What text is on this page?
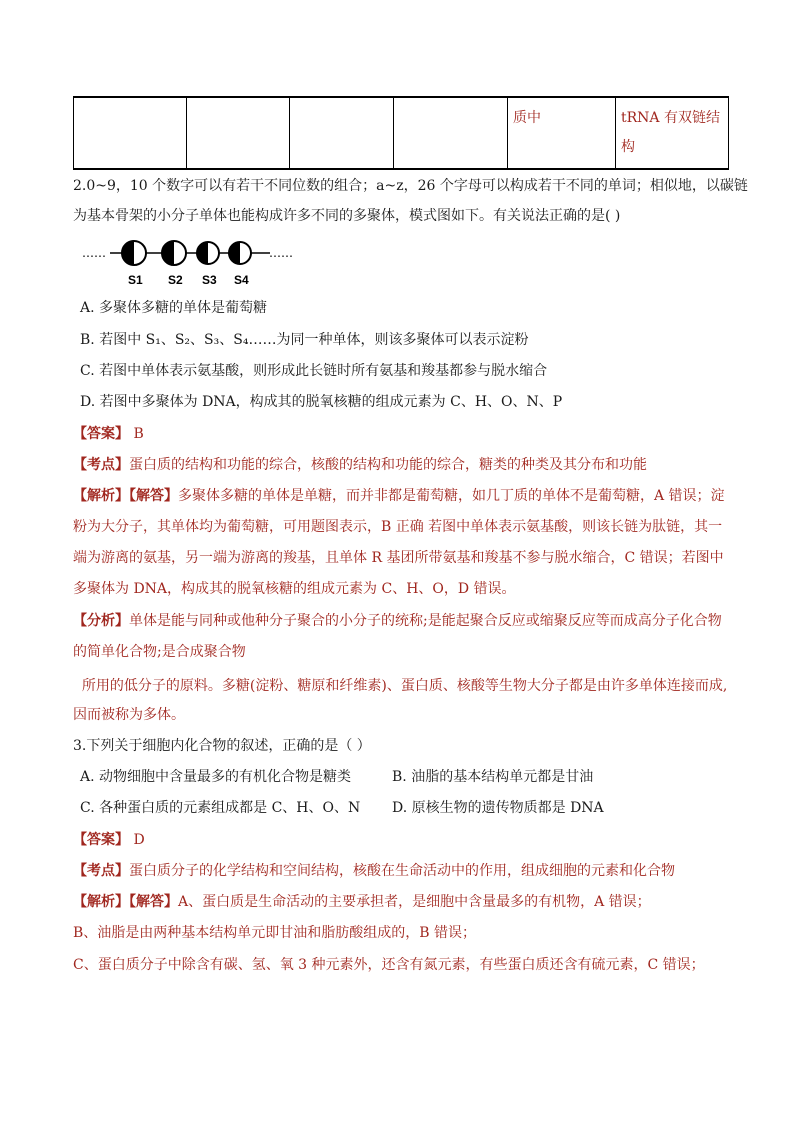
				质中	tRNA 有双链结构
2.0~9，10 个数字可以有若干不同位数的组合；a~z，26 个字母可以构成若干不同的单词；相似地，以碳链
为基本骨架的小分子单体也能构成许多不同的多聚体，模式图如下。有关说法正确的是( )
……	……
S1 S2 S3 S4
A. 多聚体多糖的单体是葡萄糖
B. 若图中 S₁、S₂、S₃、S₄……为同一种单体，则该多聚体可以表示淀粉
C. 若图中单体表示氨基酸，则形成此长链时所有氨基和羧基都参与脱水缩合
D. 若图中多聚体为 DNA，构成其的脱氧核糖的组成元素为 C、H、O、N、P
【答案】 B
【考点】蛋白质的结构和功能的综合，核酸的结构和功能的综合，糖类的种类及其分布和功能
【解析】【解答】多聚体多糖的单体是单糖，而并非都是葡萄糖，如几丁质的单体不是葡萄糖，A 错误；淀
粉为大分子，其单体均为葡萄糖，可用题图表示，B 正确 若图中单体表示氨基酸，则该长链为肽链，其一
端为游离的氨基，另一端为游离的羧基，且单体 R 基团所带氨基和羧基不参与脱水缩合，C 错误；若图中
多聚体为 DNA，构成其的脱氧核糖的组成元素为 C、H、O，D 错误。
【分析】单体是能与同种或他种分子聚合的小分子的统称;是能起聚合反应或缩聚反应等而成高分子化合物
的简单化合物;是合成聚合物
所用的低分子的原料。多糖(淀粉、糖原和纤维素)、蛋白质、核酸等生物大分子都是由许多单体连接而成,
因而被称为多体。
3.下列关于细胞内化合物的叙述，正确的是（ ）
A. 动物细胞中含量最多的有机化合物是糖类	B. 油脂的基本结构单元都是甘油
C. 各种蛋白质的元素组成都是 C、H、O、N D. 原核生物的遗传物质都是 DNA
【答案】 D
【考点】蛋白质分子的化学结构和空间结构，核酸在生命活动中的作用，组成细胞的元素和化合物
【解析】【解答】A、蛋白质是生命活动的主要承担者，是细胞中含量最多的有机物，A 错误；
B、油脂是由两种基本结构单元即甘油和脂肪酸组成的，B 错误；
C、蛋白质分子中除含有碳、氢、氧 3 种元素外，还含有氮元素，有些蛋白质还含有硫元素，C 错误；
